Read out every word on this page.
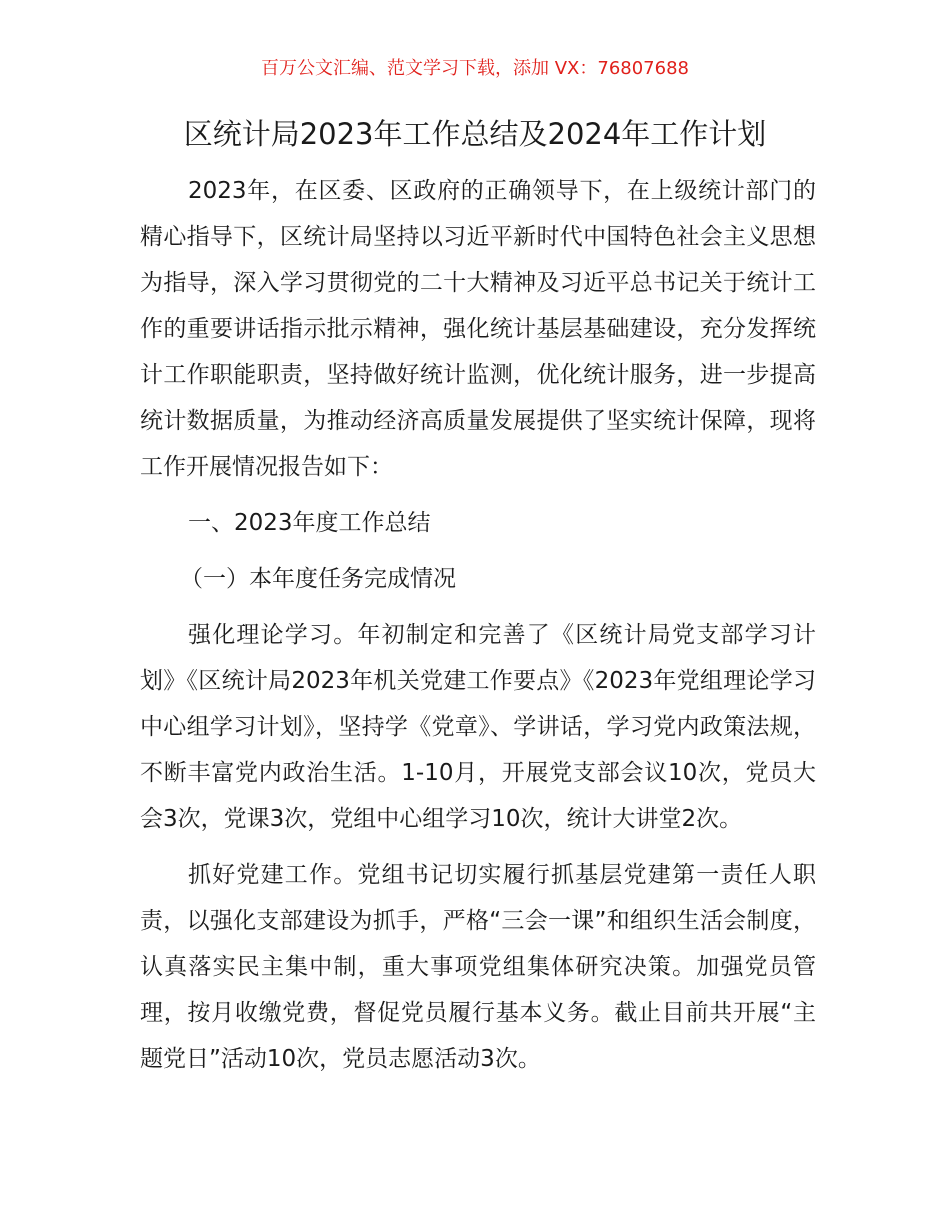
百万公文汇编、范文学习下载，添加 VX：76807688
区统计局2023年工作总结及2024年工作计划

2023年，在区委、区政府的正确领导下，在上级统计部门的精心指导下，区统计局坚持以习近平新时代中国特色社会主义思想为指导，深入学习贯彻党的二十大精神及习近平总书记关于统计工作的重要讲话指示批示精神，强化统计基层基础建设，充分发挥统计工作职能职责，坚持做好统计监测，优化统计服务，进一步提高统计数据质量，为推动经济高质量发展提供了坚实统计保障，现将工作开展情况报告如下：

一、2023年度工作总结

（一）本年度任务完成情况

强化理论学习。年初制定和完善了《区统计局党支部学习计划》《区统计局2023年机关党建工作要点》《2023年党组理论学习中心组学习计划》，坚持学《党章》、学讲话，学习党内政策法规，不断丰富党内政治生活。1-10月，开展党支部会议10次，党员大会3次，党课3次，党组中心组学习10次，统计大讲堂2次。

抓好党建工作。党组书记切实履行抓基层党建第一责任人职责，以强化支部建设为抓手，严格“三会一课”和组织生活会制度，认真落实民主集中制，重大事项党组集体研究决策。加强党员管理，按月收缴党费，督促党员履行基本义务。截止目前共开展“主题党日”活动10次，党员志愿活动3次。
